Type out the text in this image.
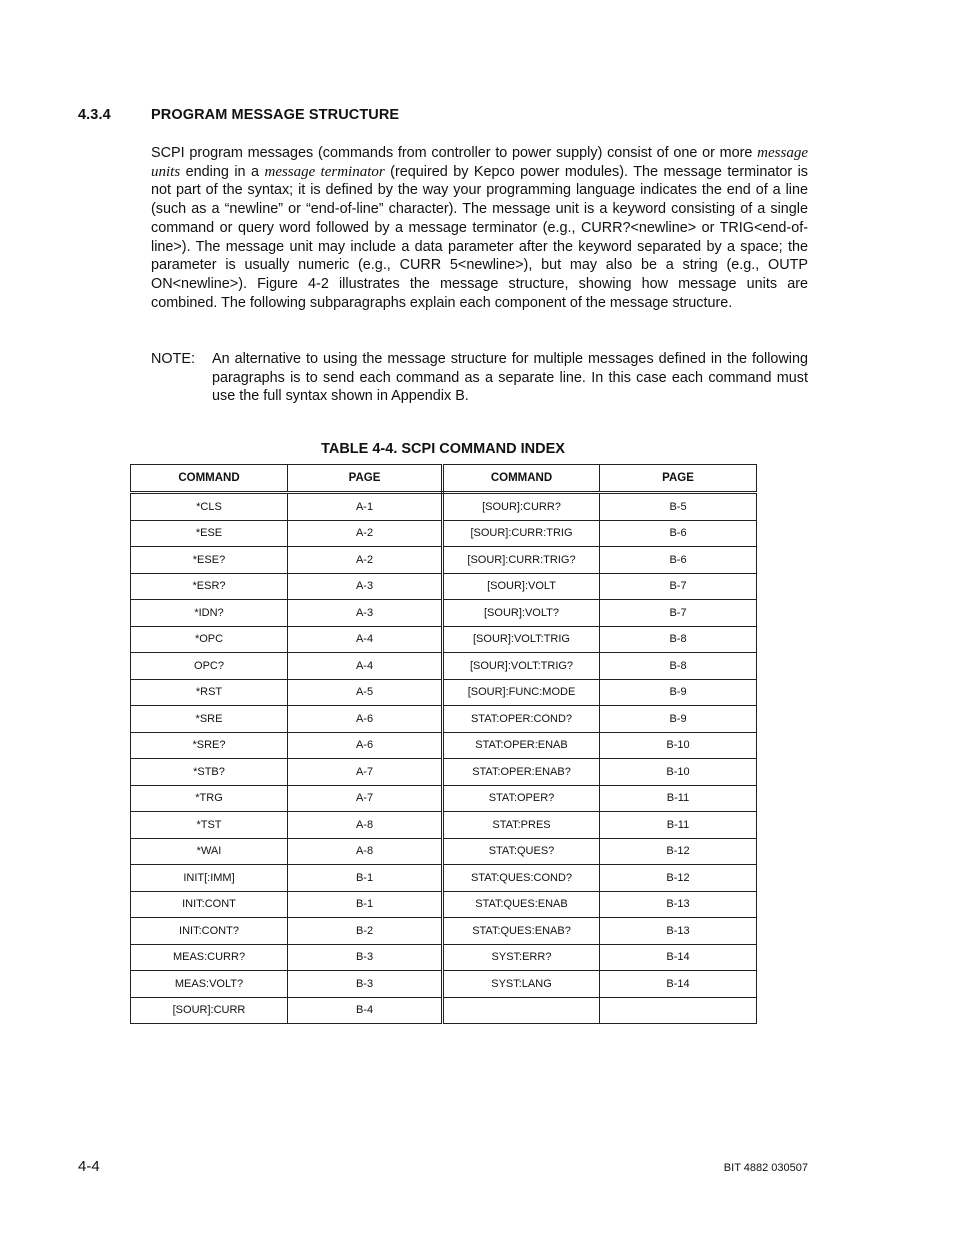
4.3.4	PROGRAM MESSAGE STRUCTURE
SCPI program messages (commands from controller to power supply) consist of one or more message units ending in a message terminator (required by Kepco power modules). The message terminator is not part of the syntax; it is defined by the way your programming language indicates the end of a line (such as a “newline” or “end-of-line” character). The message unit is a keyword consisting of a single command or query word followed by a message terminator (e.g., CURR?<newline> or TRIG<end-of-line>). The message unit may include a data parameter after the keyword separated by a space; the parameter is usually numeric (e.g., CURR 5<newline>), but may also be a string (e.g., OUTP ON<newline>). Figure 4-2 illustrates the message structure, showing how message units are combined. The following subparagraphs explain each component of the message structure.
NOTE: An alternative to using the message structure for multiple messages defined in the following paragraphs is to send each command as a separate line. In this case each command must use the full syntax shown in Appendix B.
TABLE 4-4. SCPI COMMAND INDEX
COMMAND	PAGE	COMMAND	PAGE
*CLS	A-1	[SOUR]:CURR?	B-5
*ESE	A-2	[SOUR]:CURR:TRIG	B-6
*ESE?	A-2	[SOUR]:CURR:TRIG?	B-6
*ESR?	A-3	[SOUR]:VOLT	B-7
*IDN?	A-3	[SOUR]:VOLT?	B-7
*OPC	A-4	[SOUR]:VOLT:TRIG	B-8
OPC?	A-4	[SOUR]:VOLT:TRIG?	B-8
*RST	A-5	[SOUR]:FUNC:MODE	B-9
*SRE	A-6	STAT:OPER:COND?	B-9
*SRE?	A-6	STAT:OPER:ENAB	B-10
*STB?	A-7	STAT:OPER:ENAB?	B-10
*TRG	A-7	STAT:OPER?	B-11
*TST	A-8	STAT:PRES	B-11
*WAI	A-8	STAT:QUES?	B-12
INIT[:IMM]	B-1	STAT:QUES:COND?	B-12
INIT:CONT	B-1	STAT:QUES:ENAB	B-13
INIT:CONT?	B-2	STAT:QUES:ENAB?	B-13
MEAS:CURR?	B-3	SYST:ERR?	B-14
MEAS:VOLT?	B-3	SYST:LANG	B-14
[SOUR]:CURR	B-4		
4-4	BIT 4882 030507
